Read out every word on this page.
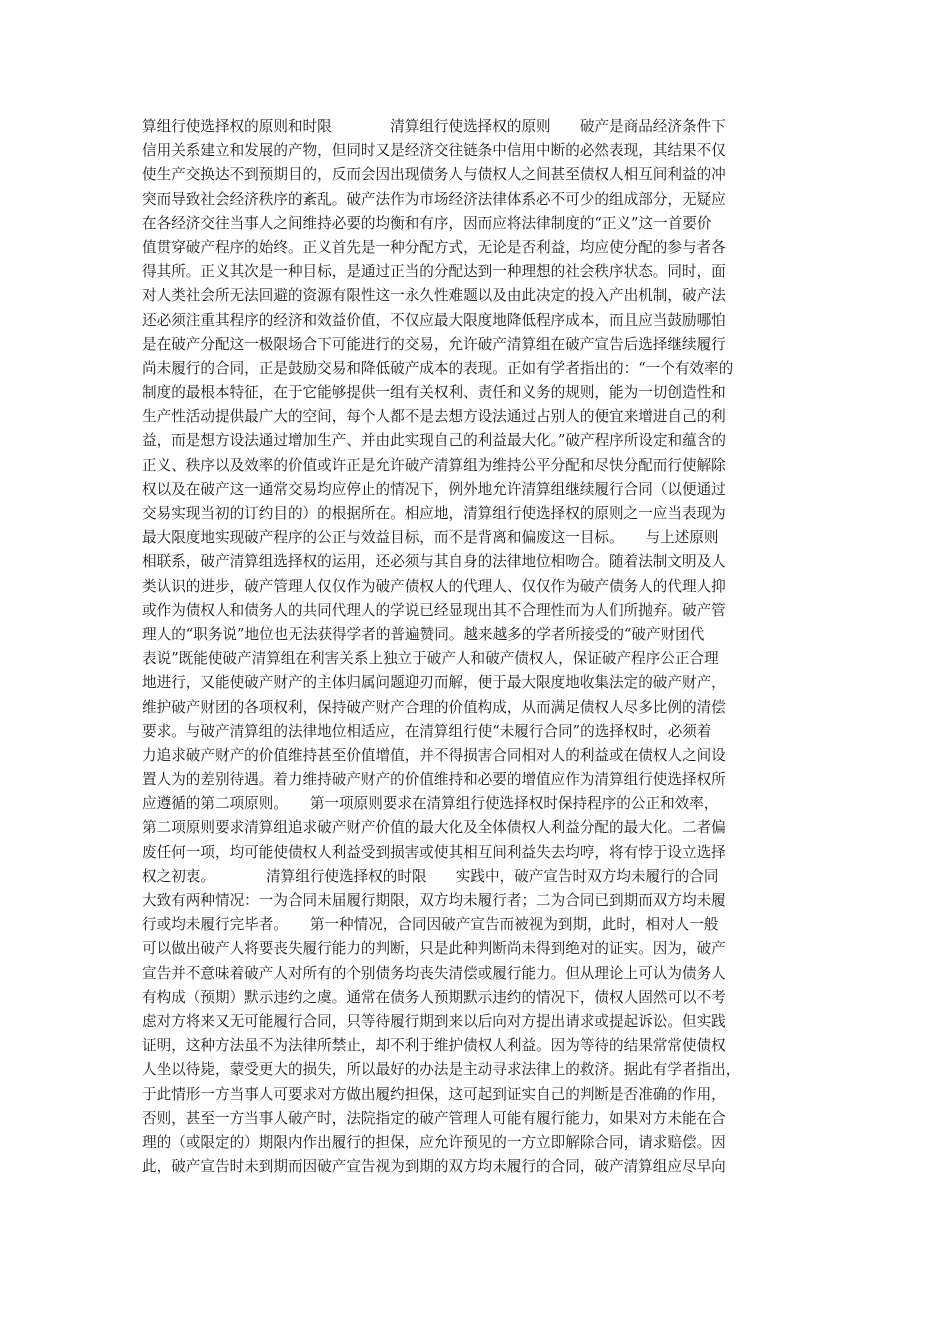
算组行使选择权的原则和时限　　　　清算组行使选择权的原则　　破产是商品经济条件下
信用关系建立和发展的产物，但同时又是经济交往链条中信用中断的必然表现，其结果不仅
使生产交换达不到预期目的，反而会因出现债务人与债权人之间甚至债权人相互间利益的冲
突而导致社会经济秩序的紊乱。破产法作为市场经济法律体系必不可少的组成部分，无疑应
在各经济交往当事人之间维持必要的均衡和有序，因而应将法律制度的“正义”这一首要价
值贯穿破产程序的始终。正义首先是一种分配方式，无论是否利益，均应使分配的参与者各
得其所。正义其次是一种目标，是通过正当的分配达到一种理想的社会秩序状态。同时，面
对人类社会所无法回避的资源有限性这一永久性难题以及由此决定的投入产出机制，破产法
还必须注重其程序的经济和效益价值，不仅应最大限度地降低程序成本，而且应当鼓励哪怕
是在破产分配这一极限场合下可能进行的交易，允许破产清算组在破产宣告后选择继续履行
尚未履行的合同，正是鼓励交易和降低破产成本的表现。正如有学者指出的：“一个有效率的
制度的最根本特征，在于它能够提供一组有关权利、责任和义务的规则，能为一切创造性和
生产性活动提供最广大的空间，每个人都不是去想方设法通过占别人的便宜来增进自己的利
益，而是想方设法通过增加生产、并由此实现自己的利益最大化。”破产程序所设定和蕴含的
正义、秩序以及效率的价值或许正是允许破产清算组为维持公平分配和尽快分配而行使解除
权以及在破产这一通常交易均应停止的情况下，例外地允许清算组继续履行合同（以便通过
交易实现当初的订约目的）的根据所在。相应地，清算组行使选择权的原则之一应当表现为
最大限度地实现破产程序的公正与效益目标，而不是背离和偏废这一目标。　　与上述原则
相联系，破产清算组选择权的运用，还必须与其自身的法律地位相吻合。随着法制文明及人
类认识的进步，破产管理人仅仅作为破产债权人的代理人、仅仅作为破产债务人的代理人抑
或作为债权人和债务人的共同代理人的学说已经显现出其不合理性而为人们所抛弃。破产管
理人的“职务说”地位也无法获得学者的普遍赞同。越来越多的学者所接受的“破产财团代
表说”既能使破产清算组在利害关系上独立于破产人和破产债权人，保证破产程序公正合理
地进行，又能使破产财产的主体归属问题迎刃而解，便于最大限度地收集法定的破产财产，
维护破产财团的各项权利，保持破产财产合理的价值构成，从而满足债权人尽多比例的清偿
要求。与破产清算组的法律地位相适应，在清算组行使“未履行合同”的选择权时，必须着
力追求破产财产的价值维持甚至价值增值，并不得损害合同相对人的利益或在债权人之间设
置人为的差别待遇。着力维持破产财产的价值维持和必要的增值应作为清算组行使选择权所
应遵循的第二项原则。　　第一项原则要求在清算组行使选择权时保持程序的公正和效率，
第二项原则要求清算组追求破产财产价值的最大化及全体债权人利益分配的最大化。二者偏
废任何一项，均可能使债权人利益受到损害或使其相互间利益失去均哼，将有悖于设立选择
权之初衷。　　　　清算组行使选择权的时限　　实践中，破产宣告时双方均未履行的合同
大致有两种情况：一为合同未届履行期限，双方均未履行者；二为合同已到期而双方均未履
行或均未履行完毕者。　　第一种情况，合同因破产宣告而被视为到期，此时，相对人一般
可以做出破产人将要丧失履行能力的判断，只是此种判断尚未得到绝对的证实。因为，破产
宣告并不意味着破产人对所有的个别债务均丧失清偿或履行能力。但从理论上可认为债务人
有构成（预期）默示违约之虞。通常在债务人预期默示违约的情况下，债权人固然可以不考
虑对方将来又无可能履行合同，只等待履行期到来以后向对方提出请求或提起诉讼。但实践
证明，这种方法虽不为法律所禁止，却不利于维护债权人利益。因为等待的结果常常使债权
人坐以待毙，蒙受更大的损失，所以最好的办法是主动寻求法律上的救济。据此有学者指出，
于此情形一方当事人可要求对方做出履约担保，这可起到证实自己的判断是否准确的作用，
否则，甚至一方当事人破产时，法院指定的破产管理人可能有履行能力，如果对方未能在合
理的（或限定的）期限内作出履行的担保，应允许预见的一方立即解除合同，请求赔偿。因
此，破产宣告时未到期而因破产宣告视为到期的双方均未履行的合同，破产清算组应尽早向
